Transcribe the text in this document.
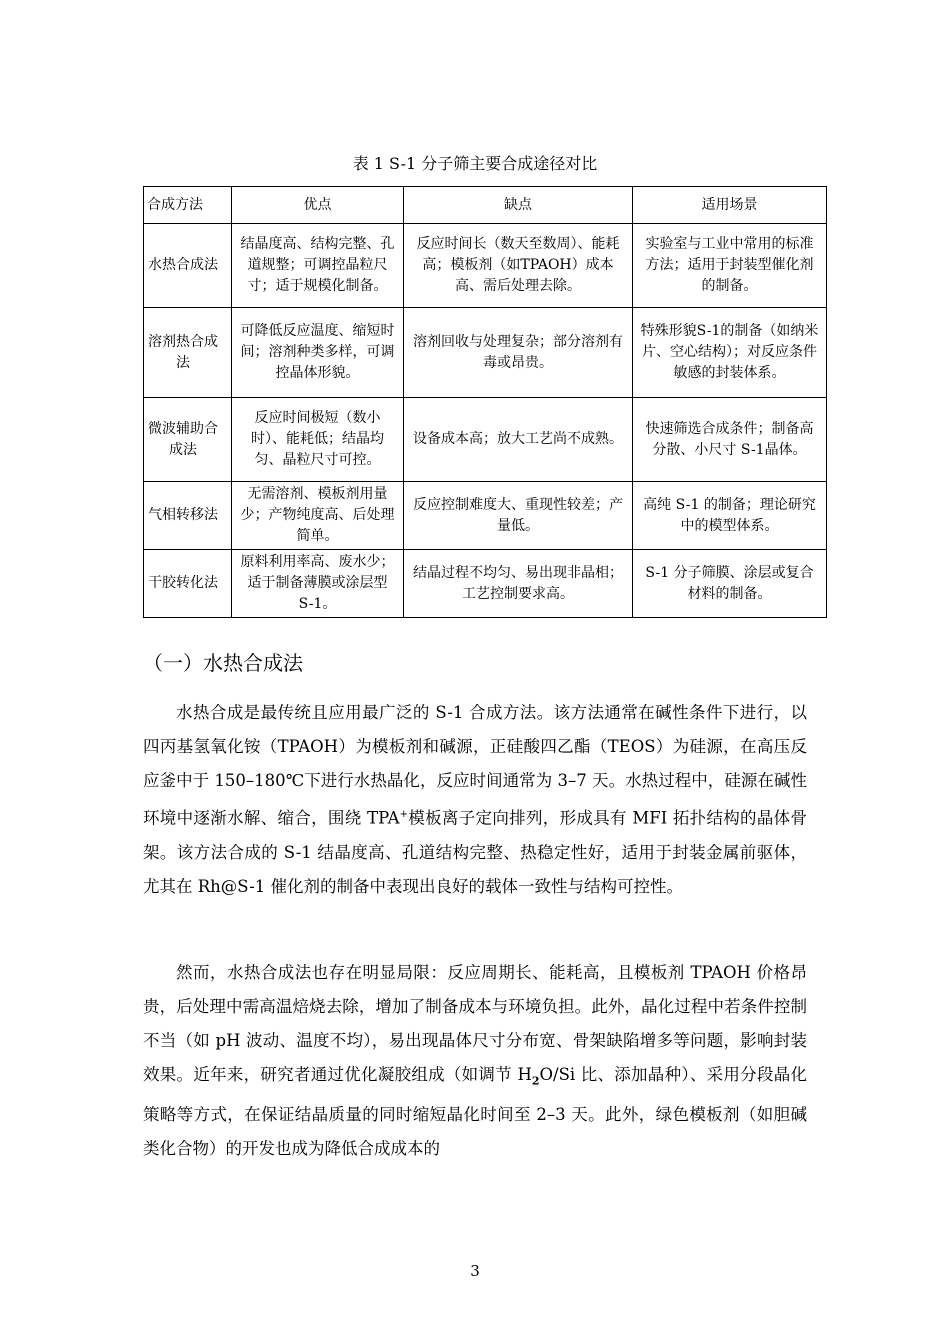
表 1 S-1 分子筛主要合成途径对比
合成方法	优点	缺点	适用场景
水热合成法	结晶度高、结构完整、孔道规整；可调控晶粒尺寸；适于规模化制备。	反应时间长（数天至数周）、能耗高；模板剂（如TPAOH）成本高、需后处理去除。	实验室与工业中常用的标准方法；适用于封装型催化剂的制备。
溶剂热合成法	可降低反应温度、缩短时间；溶剂种类多样，可调控晶体形貌。	溶剂回收与处理复杂；部分溶剂有毒或昂贵。	特殊形貌S-1的制备（如纳米片、空心结构）；对反应条件敏感的封装体系。
微波辅助合成法	反应时间极短（数小时）、能耗低；结晶均匀、晶粒尺寸可控。	设备成本高；放大工艺尚不成熟。	快速筛选合成条件；制备高分散、小尺寸 S-1晶体。
气相转移法	无需溶剂、模板剂用量少；产物纯度高、后处理简单。	反应控制难度大、重现性较差；产量低。	高纯 S-1 的制备；理论研究中的模型体系。
干胶转化法	原料利用率高、废水少；适于制备薄膜或涂层型 S-1。	结晶过程不均匀、易出现非晶相；工艺控制要求高。	S-1 分子筛膜、涂层或复合材料的制备。
（一）水热合成法

水热合成是最传统且应用最广泛的 S-1 合成方法。该方法通常在碱性条件下进行，以四丙基氢氧化铵（TPAOH）为模板剂和碱源，正硅酸四乙酯（TEOS）为硅源，在高压反应釜中于 150–180℃下进行水热晶化，反应时间通常为 3–7 天。水热过程中，硅源在碱性环境中逐渐水解、缩合，围绕 TPA+模板离子定向排列，形成具有 MFI 拓扑结构的晶体骨架。该方法合成的 S-1 结晶度高、孔道结构完整、热稳定性好，适用于封装金属前驱体，尤其在 Rh@S-1 催化剂的制备中表现出良好的载体一致性与结构可控性。

然而，水热合成法也存在明显局限：反应周期长、能耗高，且模板剂 TPAOH 价格昂贵，后处理中需高温焙烧去除，增加了制备成本与环境负担。此外，晶化过程中若条件控制不当（如 pH 波动、温度不均），易出现晶体尺寸分布宽、骨架缺陷增多等问题，影响封装效果。近年来，研究者通过优化凝胶组成（如调节 $H_2O/Si$ 比、添加晶种）、采用分段晶化策略等方式，在保证结晶质量的同时缩短晶化时间至 2–3 天。此外，绿色模板剂（如胆碱类化合物）的开发也成为降低合成成本的

3
